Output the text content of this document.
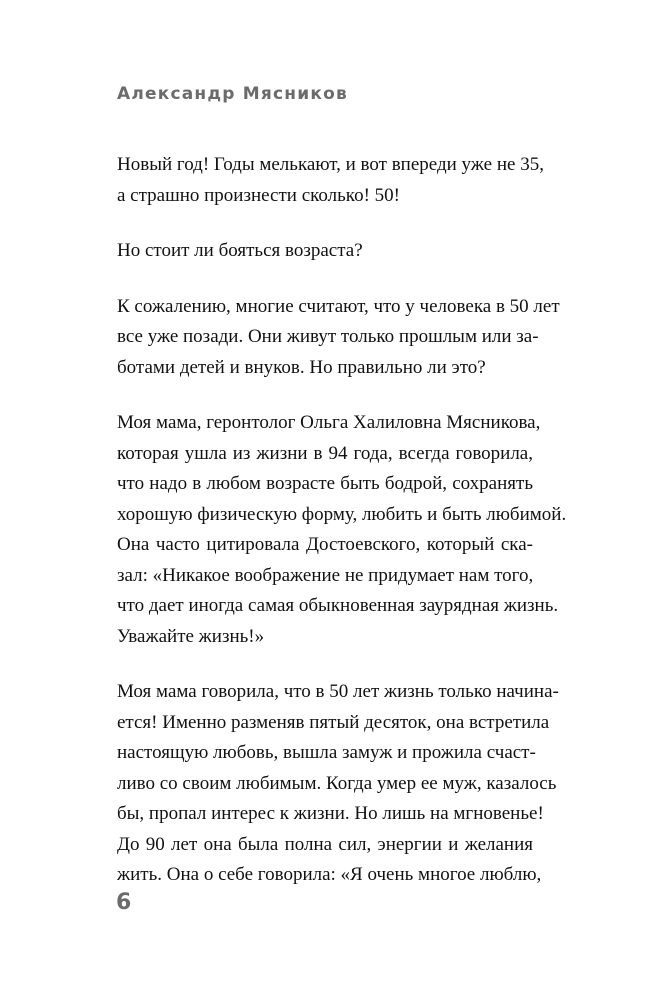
Александр Мясников
Новый год! Годы мелькают, и вот впереди уже не 35,
а страшно произнести сколько! 50!
Но стоит ли бояться возраста?
К сожалению, многие считают, что у человека в 50 лет
все уже позади. Они живут только прошлым или за-
ботами детей и внуков. Но правильно ли это?
Моя мама, геронтолог Ольга Халиловна Мясникова,
которая ушла из жизни в 94 года, всегда говорила,
что надо в любом возрасте быть бодрой, сохранять
хорошую физическую форму, любить и быть любимой.
Она часто цитировала Достоевского, который ска-
зал: «Никакое воображение не придумает нам того,
что дает иногда самая обыкновенная заурядная жизнь.
Уважайте жизнь!»
Моя мама говорила, что в 50 лет жизнь только начина-
ется! Именно разменяв пятый десяток, она встретила
настоящую любовь, вышла замуж и прожила счаст-
ливо со своим любимым. Когда умер ее муж, казалось
бы, пропал интерес к жизни. Но лишь на мгновенье!
До 90 лет она была полна сил, энергии и желания
жить. Она о себе говорила: «Я очень многое люблю,
6
